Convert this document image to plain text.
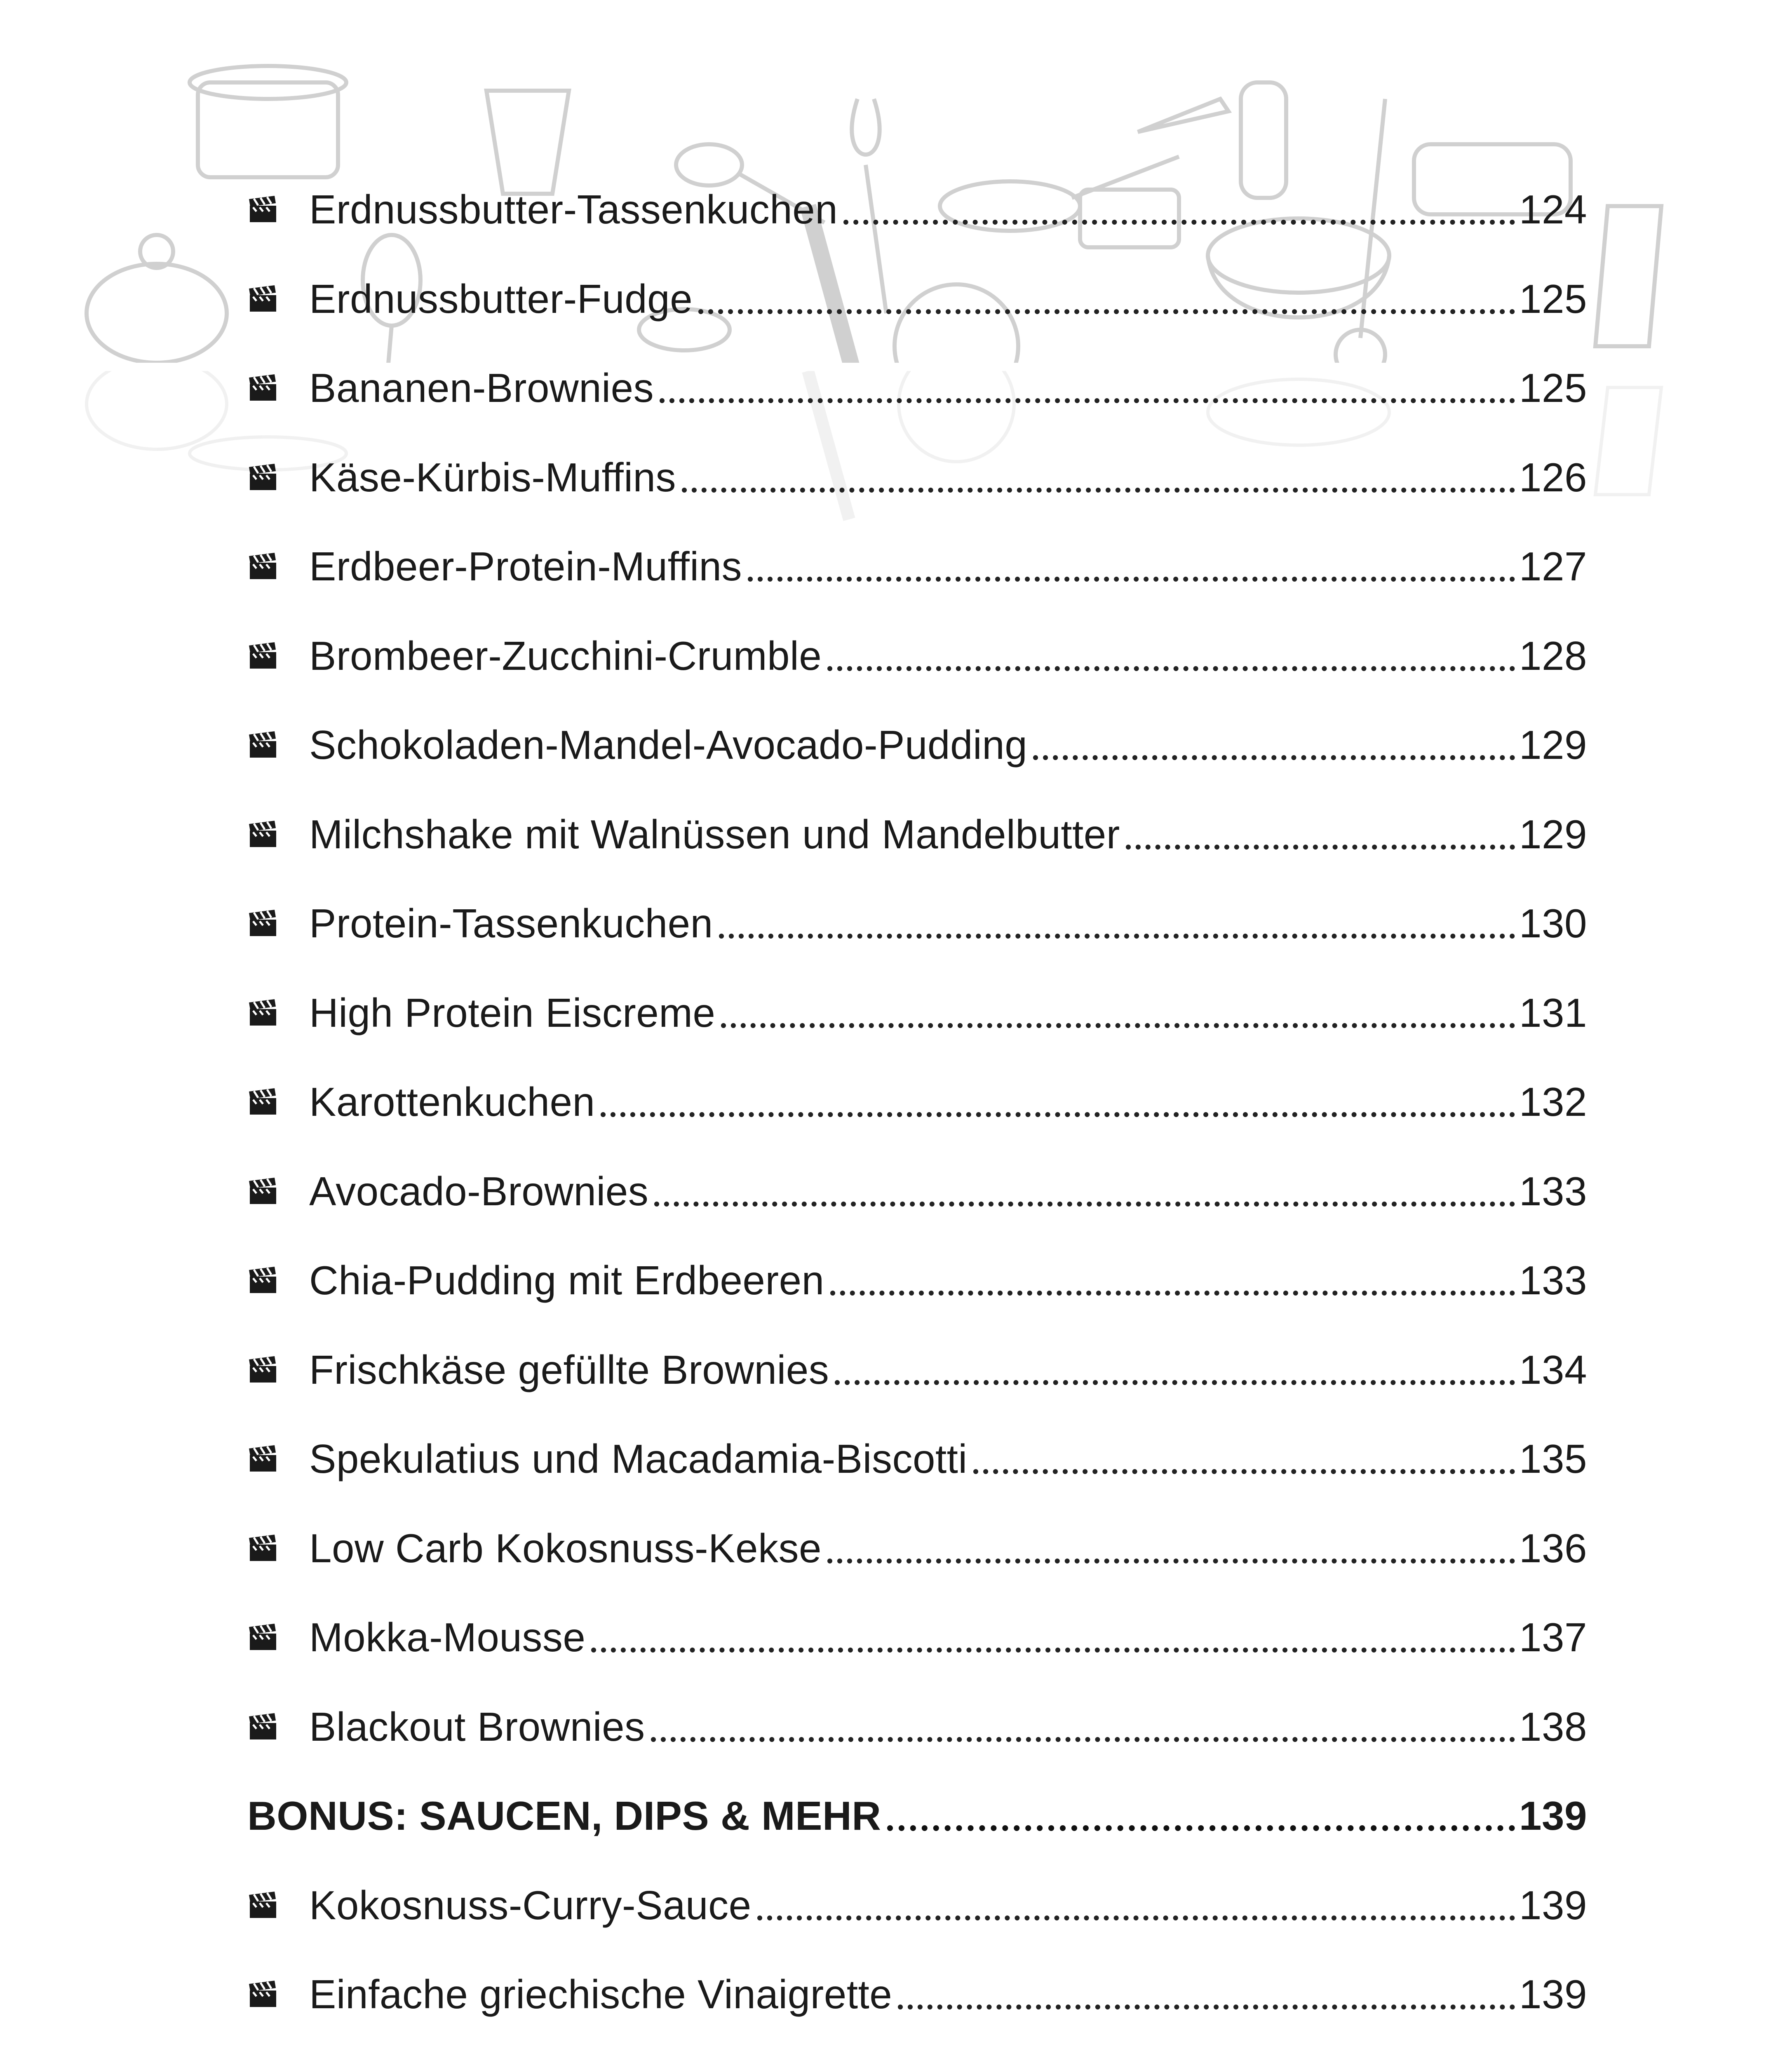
Erdnussbutter-Tassenkuchen	124
Erdnussbutter-Fudge	125
Bananen-Brownies	125
Käse-Kürbis-Muffins	126
Erdbeer-Protein-Muffins	127
Brombeer-Zucchini-Crumble	128
Schokoladen-Mandel-Avocado-Pudding	129
Milchshake mit Walnüssen und Mandelbutter	129
Protein-Tassenkuchen	130
High Protein Eiscreme	131
Karottenkuchen	132
Avocado-Brownies	133
Chia-Pudding mit Erdbeeren	133
Frischkäse gefüllte Brownies	134
Spekulatius und Macadamia-Biscotti	135
Low Carb Kokosnuss-Kekse	136
Mokka-Mousse	137
Blackout Brownies	138
BONUS: SAUCEN, DIPS & MEHR	139
Kokosnuss-Curry-Sauce	139
Einfache griechische Vinaigrette	139
